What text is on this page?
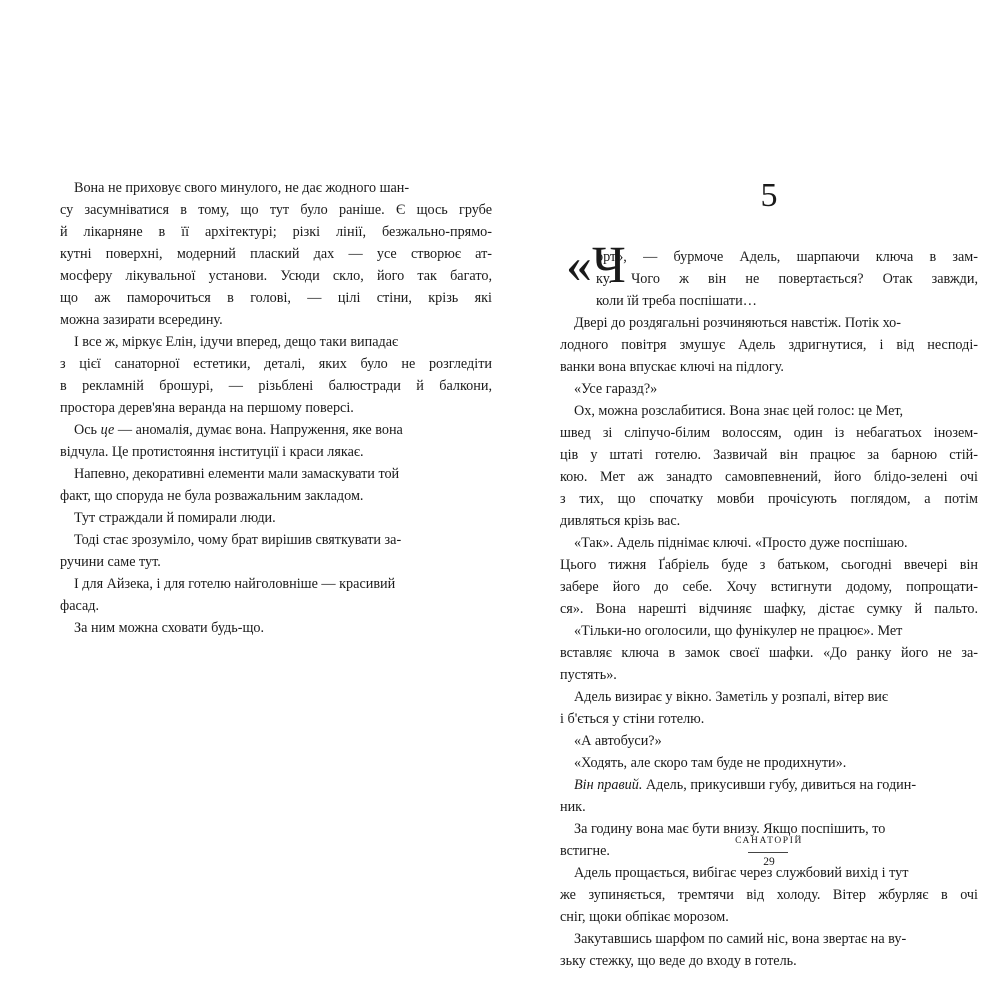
Вона не приховує свого минулого, не дає жодного шан-
су засумніватися в тому, що тут було раніше. Є щось грубе
й лікарняне в її архітектурі; різкі лінії, безжально-прямо-
кутні поверхні, модерний плаский дах — усе створює ат-
мосферу лікувальної установи. Усюди скло, його так багато,
що аж паморочиться в голові, — цілі стіни, крізь які
можна зазирати всередину.
І все ж, міркує Елін, ідучи вперед, дещо таки випадає
з цієї санаторної естетики, деталі, яких було не розгледіти
в рекламній брошурі, — різьблені балюстради й балкони,
простора дерев'яна веранда на першому поверсі.
Ось це — аномалія, думає вона. Напруження, яке вона
відчула. Це протистояння інституції і краси лякає.
Напевно, декоративні елементи мали замаскувати той
факт, що споруда не була розважальним закладом.
Тут страждали й помирали люди.
Тоді стає зрозуміло, чому брат вирішив святкувати за-
ручини саме тут.
І для Айзека, і для готелю найголовніше — красивий
фасад.
За ним можна сховати будь-що.
5
«Ч
орт», — бурмоче Адель, шарпаючи ключа в зам-
ку. Чого ж він не повертається? Отак завжди,
коли їй треба поспішати…
Двері до роздягальні розчиняються навстіж. Потік хо-
лодного повітря змушує Адель здригнутися, і від несподі-
ванки вона впускає ключі на підлогу.
«Усе гаразд?»
Ох, можна розслабитися. Вона знає цей голос: це Мет,
швед зі сліпучо-білим волоссям, один із небагатьох інозем-
ців у штаті готелю. Зазвичай він працює за барною стій-
кою. Мет аж занадто самовпевнений, його блідо-зелені очі
з тих, що спочатку мовби прочісують поглядом, а потім
дивляться крізь вас.
«Так». Адель піднімає ключі. «Просто дуже поспішаю.
Цього тижня Ґабріель буде з батьком, сьогодні ввечері він
забере його до себе. Хочу встигнути додому, попрощати-
ся». Вона нарешті відчиняє шафку, дістає сумку й пальто.
«Тільки-но оголосили, що фунікулер не працює». Мет
вставляє ключа в замок своєї шафки. «До ранку його не за-
пустять».
Адель визирає у вікно. Заметіль у розпалі, вітер виє
і б'ється у стіни готелю.
«А автобуси?»
«Ходять, але скоро там буде не продихнути».
Він правий. Адель, прикусивши губу, дивиться на годин-
ник.
За годину вона має бути внизу. Якщо поспішить, то
встигне.
Адель прощається, вибігає через службовий вихід і тут
же зупиняється, тремтячи від холоду. Вітер жбурляє в очі
сніг, щоки обпікає морозом.
Закутавшись шарфом по самий ніс, вона звертає на ву-
зьку стежку, що веде до входу в готель.
САНАТОРІЙ
29
